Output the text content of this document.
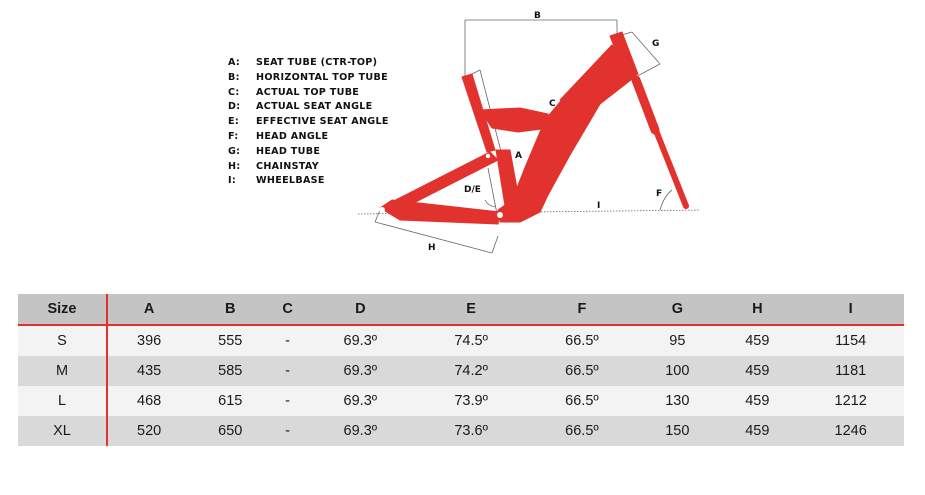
B
G
C
A
D/E	F
I
H
A: SEAT TUBE (CTR-TOP)
B: HORIZONTAL TOP TUBE
C: ACTUAL TOP TUBE
D: ACTUAL SEAT ANGLE
E: EFFECTIVE SEAT ANGLE
F: HEAD ANGLE
G: HEAD TUBE
H: CHAINSTAY
I: WHEELBASE
Size	A	B	C	D	E	F	G	H	I
S	396	555	-	69.3º	74.5º	66.5º	95	459	1154
M	435	585	-	69.3º	74.2º	66.5º	100	459	1181
L	468	615	-	69.3º	73.9º	66.5º	130	459	1212
XL	520	650	-	69.3º	73.6º	66.5º	150	459	1246
